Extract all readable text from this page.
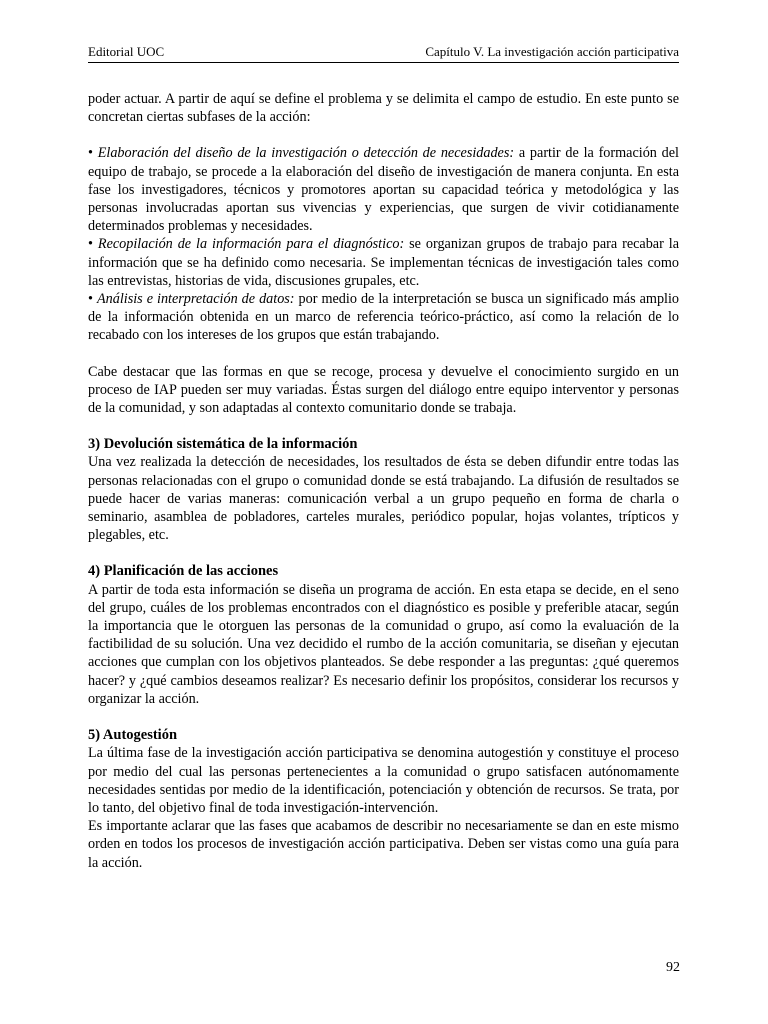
Editorial UOC	Capítulo V. La investigación acción participativa

poder actuar. A partir de aquí se define el problema y se delimita el campo de estudio. En este punto se concretan ciertas subfases de la acción:

• Elaboración del diseño de la investigación o detección de necesidades: a partir de la formación del equipo de trabajo, se procede a la elaboración del diseño de investigación de manera conjunta. En esta fase los investigadores, técnicos y promotores aportan su capacidad teórica y metodológica y las personas involucradas aportan sus vivencias y experiencias, que surgen de vivir cotidianamente determinados problemas y necesidades.

• Recopilación de la información para el diagnóstico: se organizan grupos de trabajo para recabar la información que se ha definido como necesaria. Se implementan técnicas de investigación tales como las entrevistas, historias de vida, discusiones grupales, etc.

• Análisis e interpretación de datos: por medio de la interpretación se busca un significado más amplio de la información obtenida en un marco de referencia teórico-práctico, así como la relación de lo recabado con los intereses de los grupos que están trabajando.

Cabe destacar que las formas en que se recoge, procesa y devuelve el conocimiento surgido en un proceso de IAP pueden ser muy variadas. Éstas surgen del diálogo entre equipo interventor y personas de la comunidad, y son adaptadas al contexto comunitario donde se trabaja.

3) Devolución sistemática de la información

Una vez realizada la detección de necesidades, los resultados de ésta se deben difundir entre todas las personas relacionadas con el grupo o comunidad donde se está trabajando. La difusión de resultados se puede hacer de varias maneras: comunicación verbal a un grupo pequeño en forma de charla o seminario, asamblea de pobladores, carteles murales, periódico popular, hojas volantes, trípticos y plegables, etc.

4) Planificación de las acciones

A partir de toda esta información se diseña un programa de acción. En esta etapa se decide, en el seno del grupo, cuáles de los problemas encontrados con el diagnóstico es posible y preferible atacar, según la importancia que le otorguen las personas de la comunidad o grupo, así como la evaluación de la factibilidad de su solución. Una vez decidido el rumbo de la acción comunitaria, se diseñan y ejecutan acciones que cumplan con los objetivos planteados. Se debe responder a las preguntas: ¿qué queremos hacer? y ¿qué cambios deseamos realizar? Es necesario definir los propósitos, considerar los recursos y organizar la acción.

5) Autogestión

La última fase de la investigación acción participativa se denomina autogestión y constituye el proceso por medio del cual las personas pertenecientes a la comunidad o grupo satisfacen autónomamente necesidades sentidas por medio de la identificación, potenciación y obtención de recursos. Se trata, por lo tanto, del objetivo final de toda investigación-intervención.

Es importante aclarar que las fases que acabamos de describir no necesariamente se dan en este mismo orden en todos los procesos de investigación acción participativa. Deben ser vistas como una guía para la acción.

92
